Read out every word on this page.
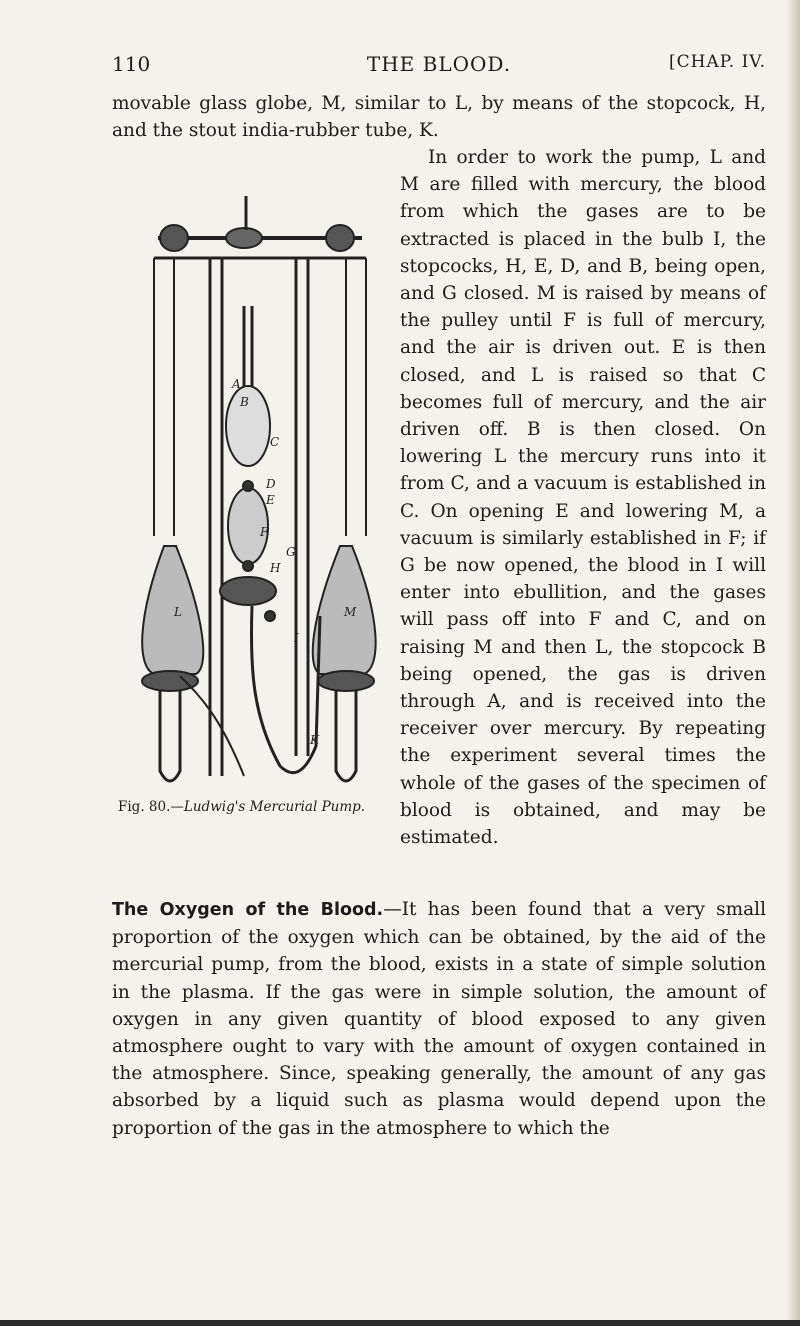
110	THE BLOOD.	[CHAP. IV.

movable glass globe, M, similar to L, by means of the stopcock, H, and the stout india-rubber tube, K.

In order to work the pump, L and M are filled with mercury, the blood from which the gases are to be extracted is placed in the bulb I, the stopcocks, H, E, D, and B, being open, and G closed. M is raised by means of the pulley until F is full of mercury, and the air is driven out. E is then closed, and L is raised so that C becomes full of mercury, and the air driven off. B is then closed. On lowering L the mercury runs into it from C, and a vacuum is established in C. On opening E and lowering M, a vacuum is similarly established in F; if G be now opened, the blood in I will enter into ebullition, and the gases will pass off into F and C, and on raising M and then L, the stopcock B being opened, the gas is driven through A, and is received into the receiver over mercury. By repeating the experiment several times the whole of the gases of the specimen of blood is obtained, and may be estimated.

A
B
C
D
E
F
G
H
I
K
L	M
Fig. 80.—Ludwig's Mercurial Pump.

The Oxygen of the Blood.—It has been found that a very small proportion of the oxygen which can be obtained, by the aid of the mercurial pump, from the blood, exists in a state of simple solution in the plasma. If the gas were in simple solution, the amount of oxygen in any given quantity of blood exposed to any given atmosphere ought to vary with the amount of oxygen contained in the atmosphere. Since, speaking generally, the amount of any gas absorbed by a liquid such as plasma would depend upon the proportion of the gas in the atmosphere to which the
